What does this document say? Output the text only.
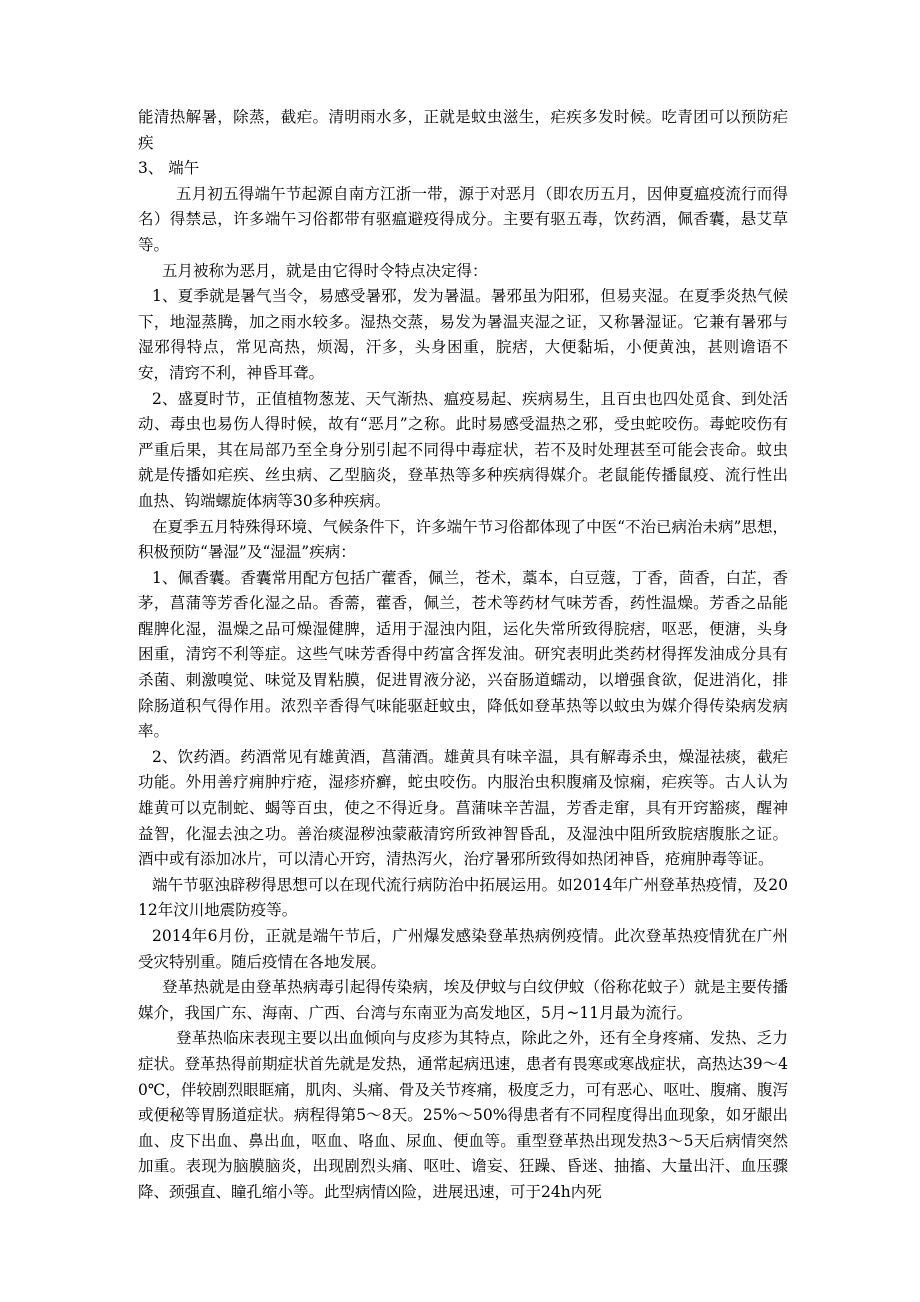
能清热解暑，除蒸，截疟。清明雨水多，正就是蚊虫滋生，疟疾多发时候。吃青团可以预防疟疾

3、 端午

五月初五得端午节起源自南方江浙一带，源于对恶月（即农历五月，因伸夏瘟疫流行而得名）得禁忌，许多端午习俗都带有驱瘟避疫得成分。主要有驱五毒，饮药酒，佩香囊，悬艾草等。

五月被称为恶月，就是由它得时令特点决定得：

1、夏季就是暑气当令，易感受暑邪，发为暑温。暑邪虽为阳邪，但易夹湿。在夏季炎热气候下，地湿蒸腾，加之雨水较多。湿热交蒸，易发为暑温夹湿之证，又称暑湿证。它兼有暑邪与湿邪得特点，常见高热，烦渴，汗多，头身困重，脘痞，大便黏垢，小便黄浊，甚则谵语不安，清窍不利，神昏耳聋。

2、盛夏时节，正值植物葱茏、天气渐热、瘟疫易起、疾病易生，且百虫也四处觅食、到处活动、毒虫也易伤人得时候，故有“恶月”之称。此时易感受温热之邪，受虫蛇咬伤。毒蛇咬伤有严重后果，其在局部乃至全身分别引起不同得中毒症状，若不及时处理甚至可能会丧命。蚊虫就是传播如疟疾、丝虫病、乙型脑炎，登革热等多种疾病得媒介。老鼠能传播鼠疫、流行性出血热、钩端螺旋体病等30多种疾病。

在夏季五月特殊得环境、气候条件下，许多端午节习俗都体现了中医“不治已病治未病”思想，积极预防“暑湿”及“湿温”疾病：

1、佩香囊。香囊常用配方包括广藿香，佩兰，苍术，藁本，白豆蔻，丁香，茴香，白芷，香茅，菖蒲等芳香化湿之品。香薷，藿香，佩兰，苍术等药材气味芳香，药性温燥。芳香之品能醒脾化湿，温燥之品可燥湿健脾，适用于湿浊内阻，运化失常所致得脘痞，呕恶，便溏，头身困重，清窍不利等症。这些气味芳香得中药富含挥发油。研究表明此类药材得挥发油成分具有杀菌、刺激嗅觉、味觉及胃粘膜，促进胃液分泌，兴奋肠道蠕动，以增强食欲，促进消化，排除肠道积气得作用。浓烈辛香得气味能驱赶蚊虫，降低如登革热等以蚊虫为媒介得传染病发病率。

2、饮药酒。药酒常见有雄黄酒，菖蒲酒。雄黄具有味辛温，具有解毒杀虫，燥湿祛痰，截疟功能。外用善疗痈肿疔疮，湿疹疥癣，蛇虫咬伤。内服治虫积腹痛及惊痫，疟疾等。古人认为雄黄可以克制蛇、蝎等百虫，使之不得近身。菖蒲味辛苦温，芳香走窜，具有开窍豁痰，醒神益智，化湿去浊之功。善治痰湿秽浊蒙蔽清窍所致神智昏乱，及湿浊中阻所致脘痞腹胀之证。酒中或有添加冰片，可以清心开窍，清热泻火，治疗暑邪所致得如热闭神昏，疮痈肿毒等证。

端午节驱浊辟秽得思想可以在现代流行病防治中拓展运用。如2014年广州登革热疫情，及2012年汶川地震防疫等。

2014年6月份，正就是端午节后，广州爆发感染登革热病例疫情。此次登革热疫情犹在广州受灾特别重。随后疫情在各地发展。

登革热就是由登革热病毒引起得传染病，埃及伊蚊与白纹伊蚊（俗称花蚊子）就是主要传播媒介，我国广东、海南、广西、台湾与东南亚为高发地区，5月~11月最为流行。

登革热临床表现主要以出血倾向与皮疹为其特点，除此之外，还有全身疼痛、发热、乏力症状。登革热得前期症状首先就是发热，通常起病迅速，患者有畏寒或寒战症状，高热达39～40℃，伴较剧烈眼眶痛，肌肉、头痛、骨及关节疼痛，极度乏力，可有恶心、呕吐、腹痛、腹泻或便秘等胃肠道症状。病程得第5～8天。25%～50%得患者有不同程度得出血现象，如牙龈出血、皮下出血、鼻出血，呕血、咯血、尿血、便血等。重型登革热出现发热3～5天后病情突然加重。表现为脑膜脑炎，出现剧烈头痛、呕吐、谵妄、狂躁、昏迷、抽搐、大量出汗、血压骤降、颈强直、瞳孔缩小等。此型病情凶险，进展迅速，可于24h内死
